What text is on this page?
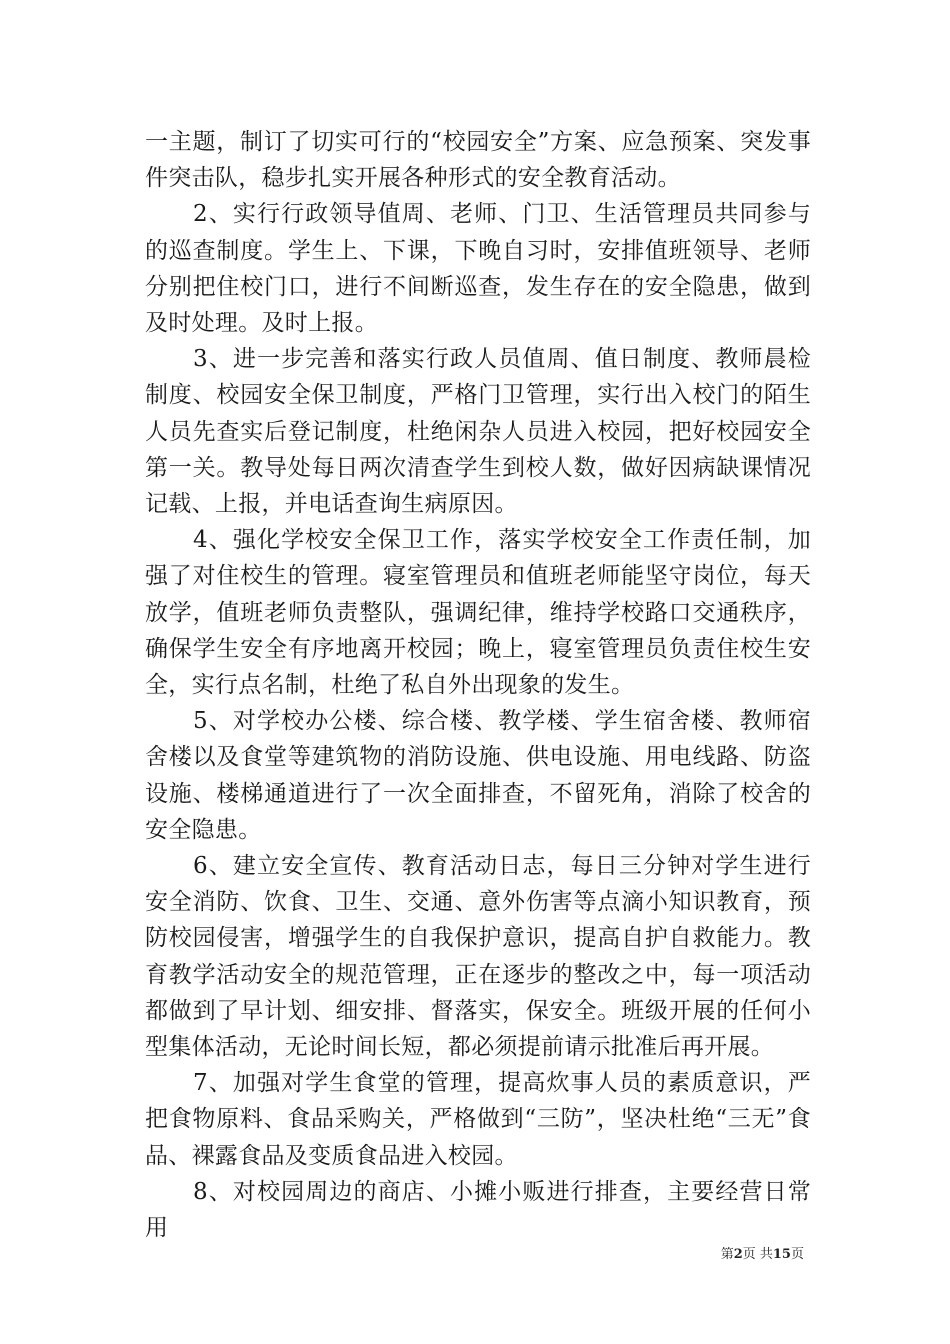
一主题，制订了切实可行的“校园安全”方案、应急预案、突发事件突击队，稳步扎实开展各种形式的安全教育活动。

2、实行行政领导值周、老师、门卫、生活管理员共同参与的巡查制度。学生上、下课，下晚自习时，安排值班领导、老师分别把住校门口，进行不间断巡查，发生存在的安全隐患，做到及时处理。及时上报。

3、进一步完善和落实行政人员值周、值日制度、教师晨检制度、校园安全保卫制度，严格门卫管理，实行出入校门的陌生人员先查实后登记制度，杜绝闲杂人员进入校园，把好校园安全第一关。教导处每日两次清查学生到校人数，做好因病缺课情况记载、上报，并电话查询生病原因。

4、强化学校安全保卫工作，落实学校安全工作责任制，加强了对住校生的管理。寝室管理员和值班老师能坚守岗位，每天放学，值班老师负责整队，强调纪律，维持学校路口交通秩序，确保学生安全有序地离开校园；晚上，寝室管理员负责住校生安全，实行点名制，杜绝了私自外出现象的发生。

5、对学校办公楼、综合楼、教学楼、学生宿舍楼、教师宿舍楼以及食堂等建筑物的消防设施、供电设施、用电线路、防盗设施、楼梯通道进行了一次全面排查，不留死角，消除了校舍的安全隐患。

6、建立安全宣传、教育活动日志，每日三分钟对学生进行安全消防、饮食、卫生、交通、意外伤害等点滴小知识教育，预防校园侵害，增强学生的自我保护意识，提高自护自救能力。教育教学活动安全的规范管理，正在逐步的整改之中，每一项活动都做到了早计划、细安排、督落实，保安全。班级开展的任何小型集体活动，无论时间长短，都必须提前请示批准后再开展。

7、加强对学生食堂的管理，提高炊事人员的素质意识，严把食物原料、食品采购关，严格做到“三防”，坚决杜绝“三无”食品、裸露食品及变质食品进入校园。

8、对校园周边的商店、小摊小贩进行排查，主要经营日常用

第2页 共15页
